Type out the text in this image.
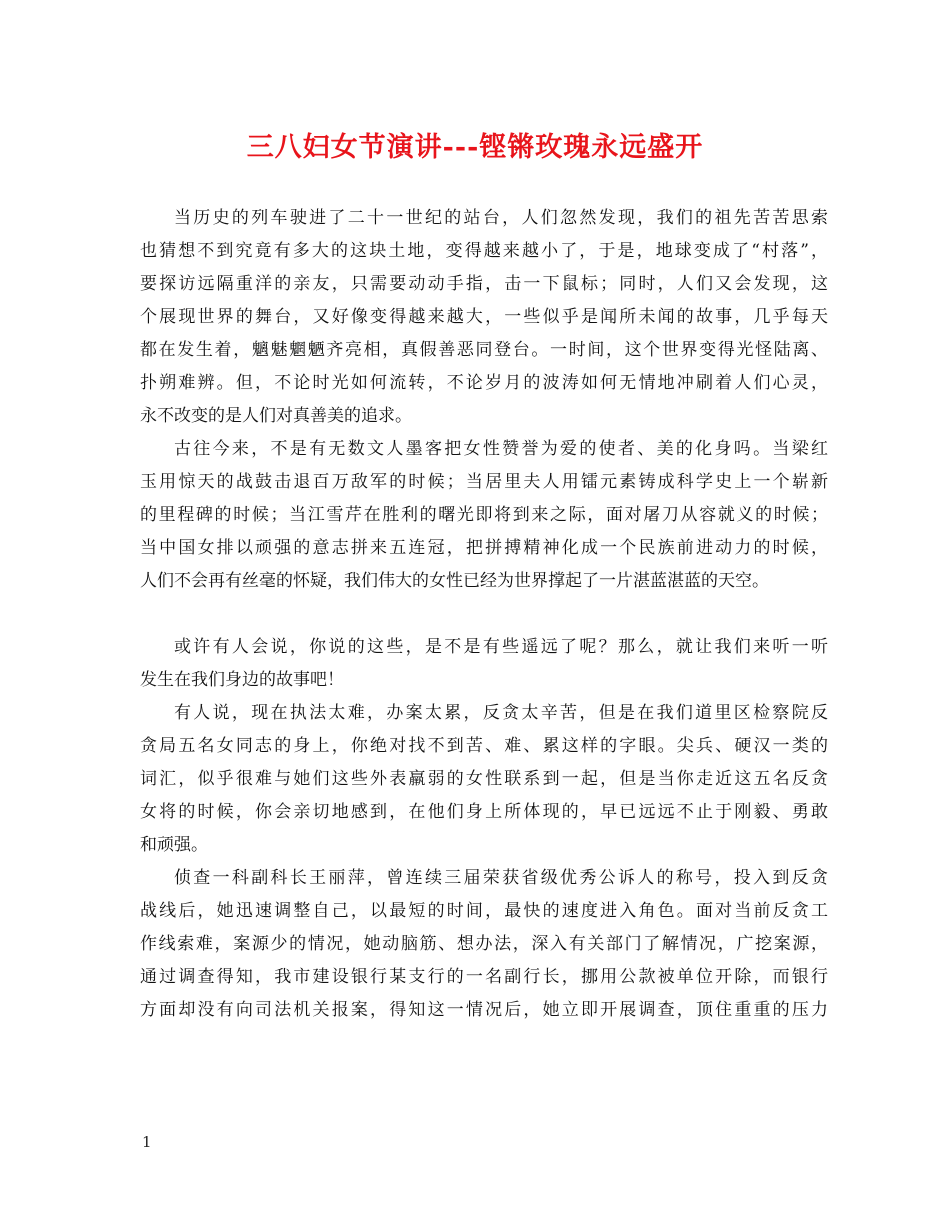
三八妇女节演讲---铿锵玫瑰永远盛开
当历史的列车驶进了二十一世纪的站台，人们忽然发现，我们的祖先苦苦思索
也猜想不到究竟有多大的这块土地，变得越来越小了，于是，地球变成了“村落”，
要探访远隔重洋的亲友，只需要动动手指，击一下鼠标；同时，人们又会发现，这
个展现世界的舞台，又好像变得越来越大，一些似乎是闻所未闻的故事，几乎每天
都在发生着，魑魅魍魉齐亮相，真假善恶同登台。一时间，这个世界变得光怪陆离、
扑朔难辨。但，不论时光如何流转，不论岁月的波涛如何无情地冲刷着人们心灵，
永不改变的是人们对真善美的追求。
古往今来，不是有无数文人墨客把女性赞誉为爱的使者、美的化身吗。当梁红
玉用惊天的战鼓击退百万敌军的时候；当居里夫人用镭元素铸成科学史上一个崭新
的里程碑的时候；当江雪芹在胜利的曙光即将到来之际，面对屠刀从容就义的时候；
当中国女排以顽强的意志拼来五连冠，把拼搏精神化成一个民族前进动力的时候，
人们不会再有丝毫的怀疑，我们伟大的女性已经为世界撑起了一片湛蓝湛蓝的天空。
或许有人会说，你说的这些，是不是有些遥远了呢？那么，就让我们来听一听
发生在我们身边的故事吧！
有人说，现在执法太难，办案太累，反贪太辛苦，但是在我们道里区检察院反
贪局五名女同志的身上，你绝对找不到苦、难、累这样的字眼。尖兵、硬汉一类的
词汇，似乎很难与她们这些外表羸弱的女性联系到一起，但是当你走近这五名反贪
女将的时候，你会亲切地感到，在他们身上所体现的，早已远远不止于刚毅、勇敢
和顽强。
侦查一科副科长王丽萍，曾连续三届荣获省级优秀公诉人的称号，投入到反贪
战线后，她迅速调整自己，以最短的时间，最快的速度进入角色。面对当前反贪工
作线索难，案源少的情况，她动脑筋、想办法，深入有关部门了解情况，广挖案源，
通过调查得知，我市建设银行某支行的一名副行长，挪用公款被单位开除，而银行
方面却没有向司法机关报案，得知这一情况后，她立即开展调查，顶住重重的压力
1
